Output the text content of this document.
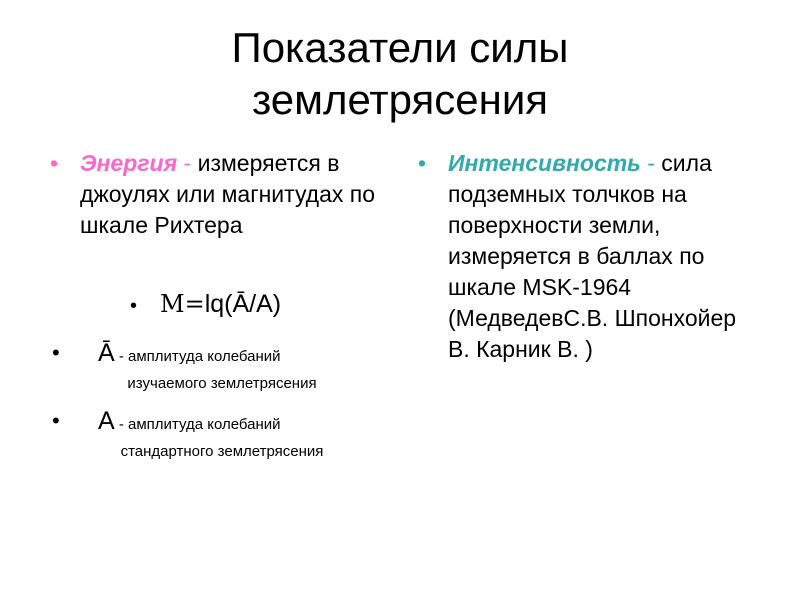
Показатели силы
землетрясения
• Энергия - измеряется в джоулях или магнитудах по шкале Рихтера
• M=lq(Ā/A)
•	Ā - амплитуда колебаний
изучаемого землетрясения
•	А - амплитуда колебаний
стандартного землетрясения
• Интенсивность - сила подземных толчков на поверхности земли, измеряется в баллах по шкале MSK-1964 (МедведевС.В. Шпонхойер В. Карник В. )
